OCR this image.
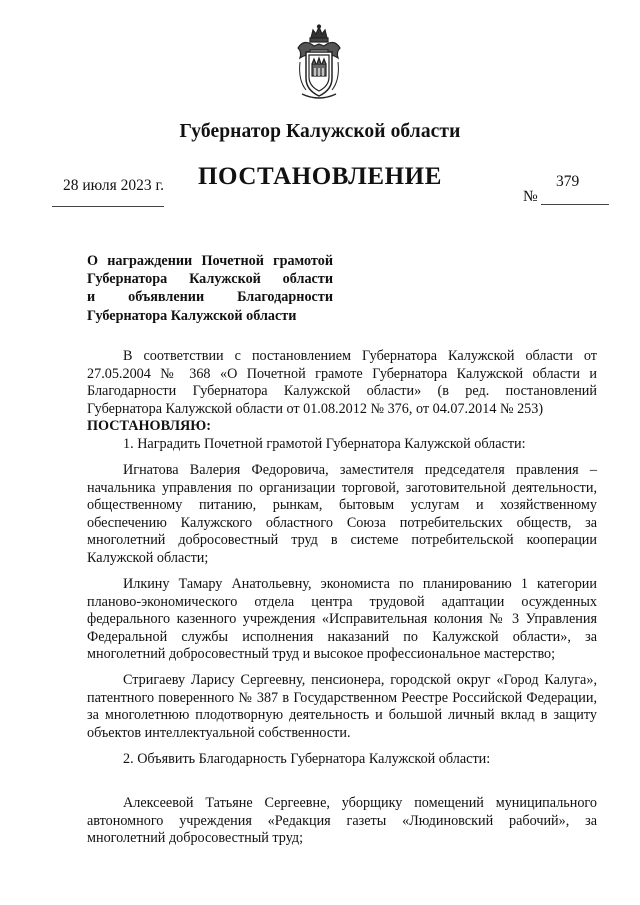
Губернатор Калужской области
ПОСТАНОВЛЕНИЕ
28 июля 2023 г.	379
№
О награждении Почетной грамотой
Губернатора Калужской области
и объявлении Благодарности
Губернатора Калужской области

В соответствии с постановлением Губернатора Калужской области от 27.05.2004 № 368 «О Почетной грамоте Губернатора Калужской области и Благодарности Губернатора Калужской области» (в ред. постановлений Губернатора Калужской области от 01.08.2012 № 376, от 04.07.2014 № 253)

ПОСТАНОВЛЯЮ:

1. Наградить Почетной грамотой Губернатора Калужской области:

Игнатова Валерия Федоровича, заместителя председателя правления – начальника управления по организации торговой, заготовительной деятельности, общественному питанию, рынкам, бытовым услугам и хозяйственному обеспечению Калужского областного Союза потребительских обществ, за многолетний добросовестный труд в системе потребительской кооперации Калужской области;

Илкину Тамару Анатольевну, экономиста по планированию 1 категории планово-экономического отдела центра трудовой адаптации осужденных федерального казенного учреждения «Исправительная колония № 3 Управления Федеральной службы исполнения наказаний по Калужской области», за многолетний добросовестный труд и высокое профессиональное мастерство;

Стригаеву Ларису Сергеевну, пенсионера, городской округ «Город Калуга», патентного поверенного № 387 в Государственном Реестре Российской Федерации, за многолетнюю плодотворную деятельность и большой личный вклад в защиту объектов интеллектуальной собственности.

2. Объявить Благодарность Губернатора Калужской области:

Алексеевой Татьяне Сергеевне, уборщику помещений муниципального автономного учреждения «Редакция газеты «Людиновский рабочий», за многолетний добросовестный труд;
